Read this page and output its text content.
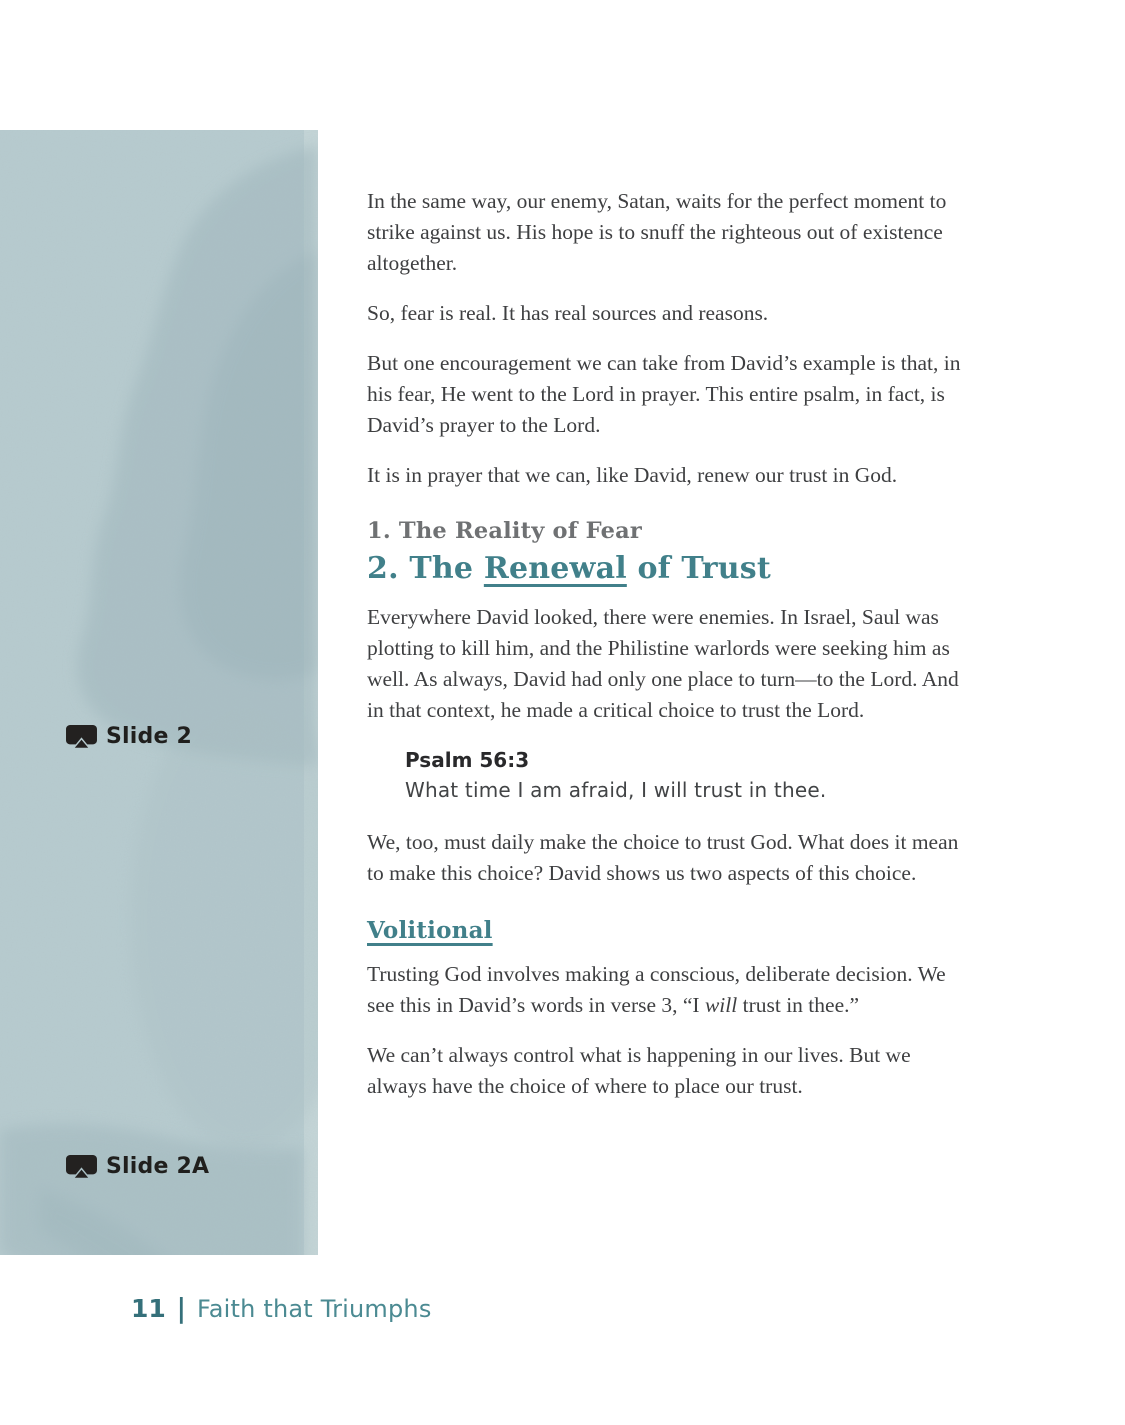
Slide 2
Slide 2A

In the same way, our enemy, Satan, waits for the perfect moment to strike against us. His hope is to snuff the righteous out of existence altogether.

So, fear is real. It has real sources and reasons.

But one encouragement we can take from David’s example is that, in his fear, He went to the Lord in prayer. This entire psalm, in fact, is David’s prayer to the Lord.

It is in prayer that we can, like David, renew our trust in God.

1. The Reality of Fear
2. The Renewal of Trust

Everywhere David looked, there were enemies. In Israel, Saul was plotting to kill him, and the Philistine warlords were seeking him as well. As always, David had only one place to turn—to the Lord. And in that context, he made a critical choice to trust the Lord.

Psalm 56:3
What time I am afraid, I will trust in thee.

We, too, must daily make the choice to trust God. What does it mean to make this choice? David shows us two aspects of this choice.

Volitional

Trusting God involves making a conscious, deliberate decision. We see this in David’s words in verse 3, “I will trust in thee.”

We can’t always control what is happening in our lives. But we always have the choice of where to place our trust.

11 | Faith that Triumphs
